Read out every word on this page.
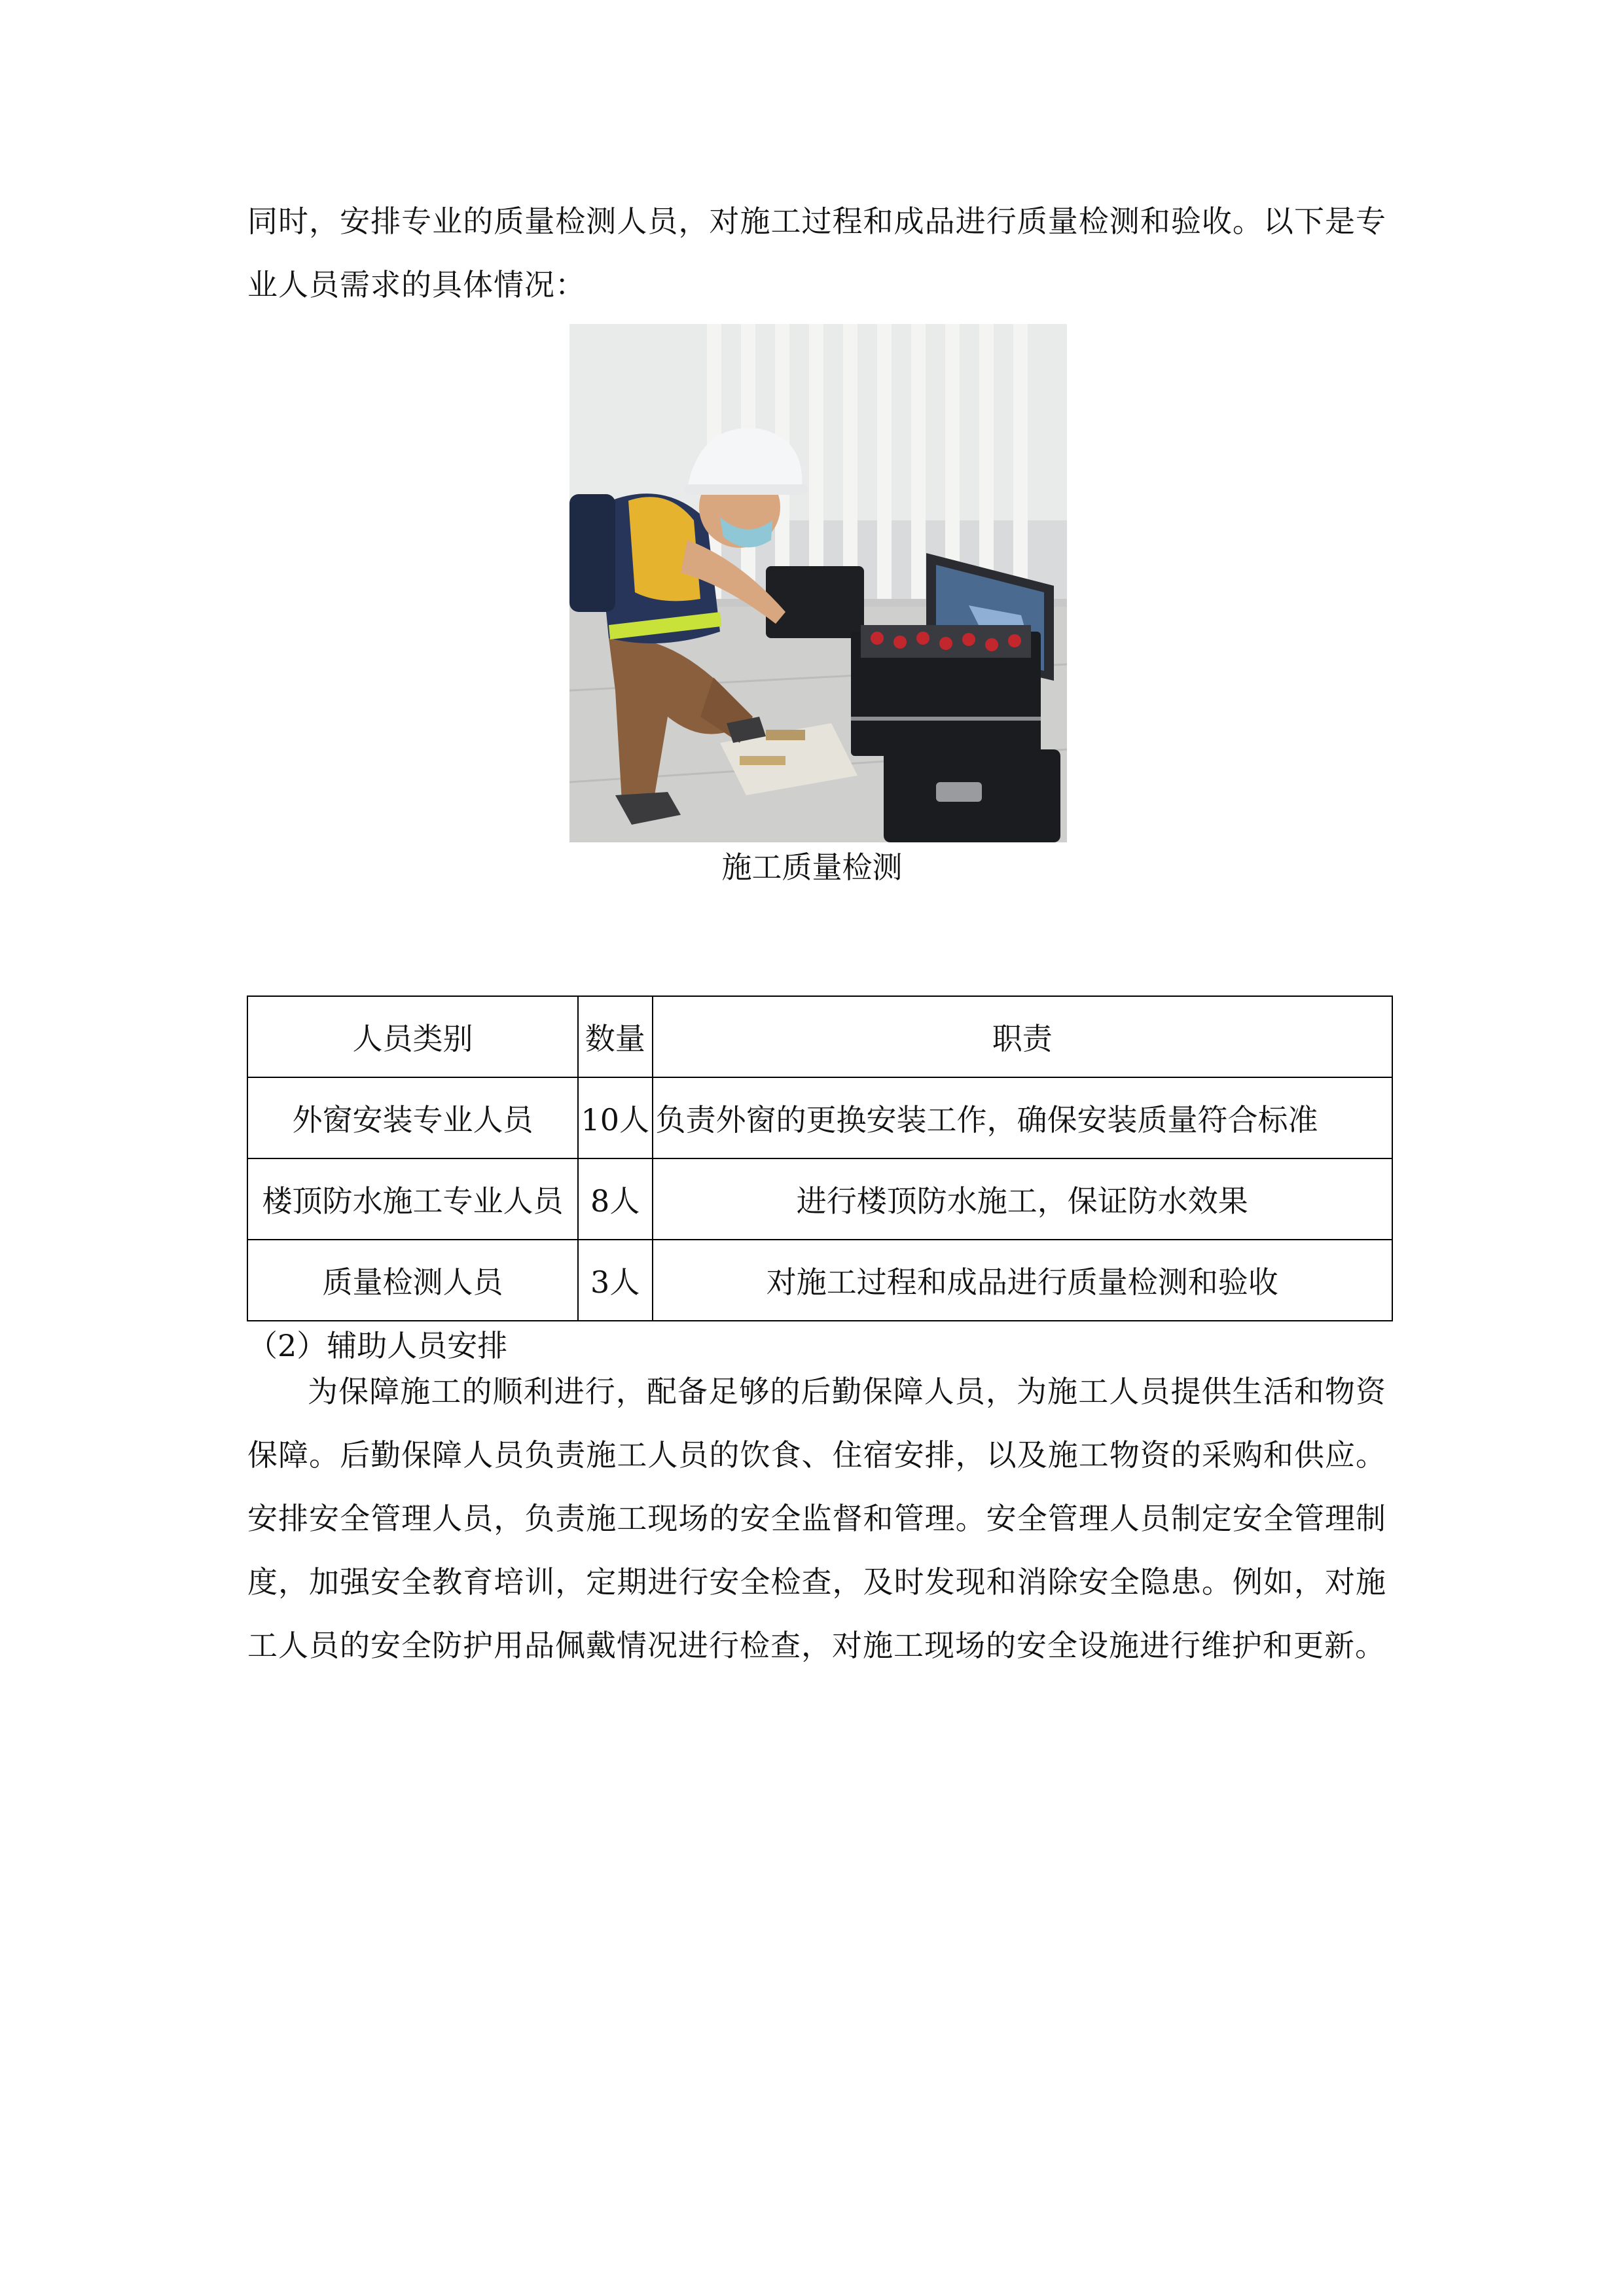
同时，安排专业的质量检测人员，对施工过程和成品进行质量检测和验收。以下是专业人员需求的具体情况：

施工质量检测

人员类别	数量	职责
外窗安装专业人员	10人	负责外窗的更换安装工作，确保安装质量符合标准
楼顶防水施工专业人员	8人	进行楼顶防水施工，保证防水效果
质量检测人员	3人	对施工过程和成品进行质量检测和验收

（2）辅助人员安排

为保障施工的顺利进行，配备足够的后勤保障人员，为施工人员提供生活和物资保障。后勤保障人员负责施工人员的饮食、住宿安排，以及施工物资的采购和供应。安排安全管理人员，负责施工现场的安全监督和管理。安全管理人员制定安全管理制度，加强安全教育培训，定期进行安全检查，及时发现和消除安全隐患。例如，对施工人员的安全防护用品佩戴情况进行检查，对施工现场的安全设施进行维护和更新。
